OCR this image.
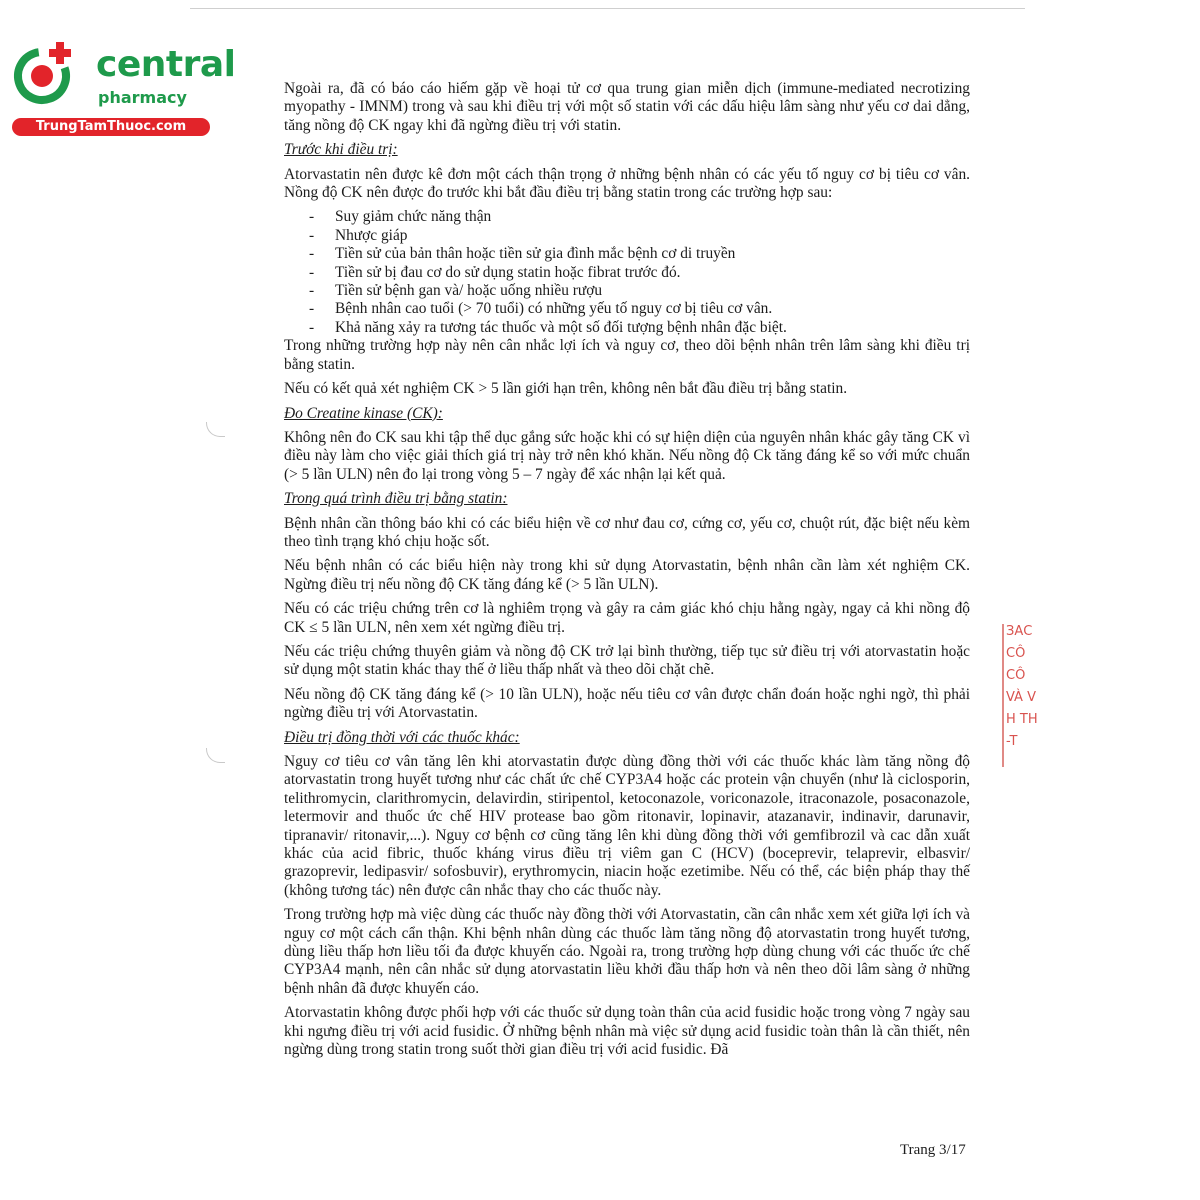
central
pharmacy
TrungTamThuoc.com

Ngoài ra, đã có báo cáo hiếm gặp về hoại tử cơ qua trung gian miễn dịch (immune-mediated necrotizing myopathy - IMNM) trong và sau khi điều trị với một số statin với các dấu hiệu lâm sàng như yếu cơ dai dẳng, tăng nồng độ CK ngay khi đã ngừng điều trị với statin.

Trước khi điều trị:

Atorvastatin nên được kê đơn một cách thận trọng ở những bệnh nhân có các yếu tố nguy cơ bị tiêu cơ vân. Nồng độ CK nên được đo trước khi bắt đầu điều trị bằng statin trong các trường hợp sau:

- Suy giảm chức năng thận
- Nhược giáp
- Tiền sử của bản thân hoặc tiền sử gia đình mắc bệnh cơ di truyền
- Tiền sử bị đau cơ do sử dụng statin hoặc fibrat trước đó.
- Tiền sử bệnh gan và/ hoặc uống nhiều rượu
- Bệnh nhân cao tuổi (> 70 tuổi) có những yếu tố nguy cơ bị tiêu cơ vân.
- Khả năng xảy ra tương tác thuốc và một số đối tượng bệnh nhân đặc biệt.

Trong những trường hợp này nên cân nhắc lợi ích và nguy cơ, theo dõi bệnh nhân trên lâm sàng khi điều trị bằng statin.

Nếu có kết quả xét nghiệm CK > 5 lần giới hạn trên, không nên bắt đầu điều trị bằng statin.

Đo Creatine kinase (CK):

Không nên đo CK sau khi tập thể dục gắng sức hoặc khi có sự hiện diện của nguyên nhân khác gây tăng CK vì điều này làm cho việc giải thích giá trị này trở nên khó khăn. Nếu nồng độ Ck tăng đáng kể so với mức chuẩn (> 5 lần ULN) nên đo lại trong vòng 5 – 7 ngày để xác nhận lại kết quả.

Trong quá trình điều trị bằng statin:

Bệnh nhân cần thông báo khi có các biểu hiện về cơ như đau cơ, cứng cơ, yếu cơ, chuột rút, đặc biệt nếu kèm theo tình trạng khó chịu hoặc sốt.

Nếu bệnh nhân có các biểu hiện này trong khi sử dụng Atorvastatin, bệnh nhân cần làm xét nghiệm CK. Ngừng điều trị nếu nồng độ CK tăng đáng kể (> 5 lần ULN).

Nếu có các triệu chứng trên cơ là nghiêm trọng và gây ra cảm giác khó chịu hằng ngày, ngay cả khi nồng độ CK ≤ 5 lần ULN, nên xem xét ngừng điều trị.

Nếu các triệu chứng thuyên giảm và nồng độ CK trở lại bình thường, tiếp tục sử điều trị với atorvastatin hoặc sử dụng một statin khác thay thế ở liều thấp nhất và theo dõi chặt chẽ.

Nếu nồng độ CK tăng đáng kể (> 10 lần ULN), hoặc nếu tiêu cơ vân được chẩn đoán hoặc nghi ngờ, thì phải ngừng điều trị với Atorvastatin.

Điều trị đồng thời với các thuốc khác:

Nguy cơ tiêu cơ vân tăng lên khi atorvastatin được dùng đồng thời với các thuốc khác làm tăng nồng độ atorvastatin trong huyết tương như các chất ức chế CYP3A4 hoặc các protein vận chuyển (như là ciclosporin, telithromycin, clarithromycin, delavirdin, stiripentol, ketoconazole, voriconazole, itraconazole, posaconazole, letermovir and thuốc ức chế HIV protease bao gồm ritonavir, lopinavir, atazanavir, indinavir, darunavir, tipranavir/ ritonavir,...). Nguy cơ bệnh cơ cũng tăng lên khi dùng đồng thời với gemfibrozil và cac dẫn xuất khác của acid fibric, thuốc kháng virus điều trị viêm gan C (HCV) (boceprevir, telaprevir, elbasvir/ grazoprevir, ledipasvir/ sofosbuvir), erythromycin, niacin hoặc ezetimibe. Nếu có thể, các biện pháp thay thế (không tương tác) nên được cân nhắc thay cho các thuốc này.

Trong trường hợp mà việc dùng các thuốc này đồng thời với Atorvastatin, cần cân nhắc xem xét giữa lợi ích và nguy cơ một cách cẩn thận. Khi bệnh nhân dùng các thuốc làm tăng nồng độ atorvastatin trong huyết tương, dùng liều thấp hơn liều tối đa được khuyến cáo. Ngoài ra, trong trường hợp dùng chung với các thuốc ức chế CYP3A4 mạnh, nên cân nhắc sử dụng atorvastatin liều khởi đầu thấp hơn và nên theo dõi lâm sàng ở những bệnh nhân đã được khuyến cáo.

Atorvastatin không được phối hợp với các thuốc sử dụng toàn thân của acid fusidic hoặc trong vòng 7 ngày sau khi ngưng điều trị với acid fusidic. Ở những bệnh nhân mà việc sử dụng acid fusidic toàn thân là cần thiết, nên ngừng dùng trong statin trong suốt thời gian điều trị với acid fusidic. Đã

ЗАС
CÔ
CÔ
VÀ V
H TH
-T
Trang 3/17
